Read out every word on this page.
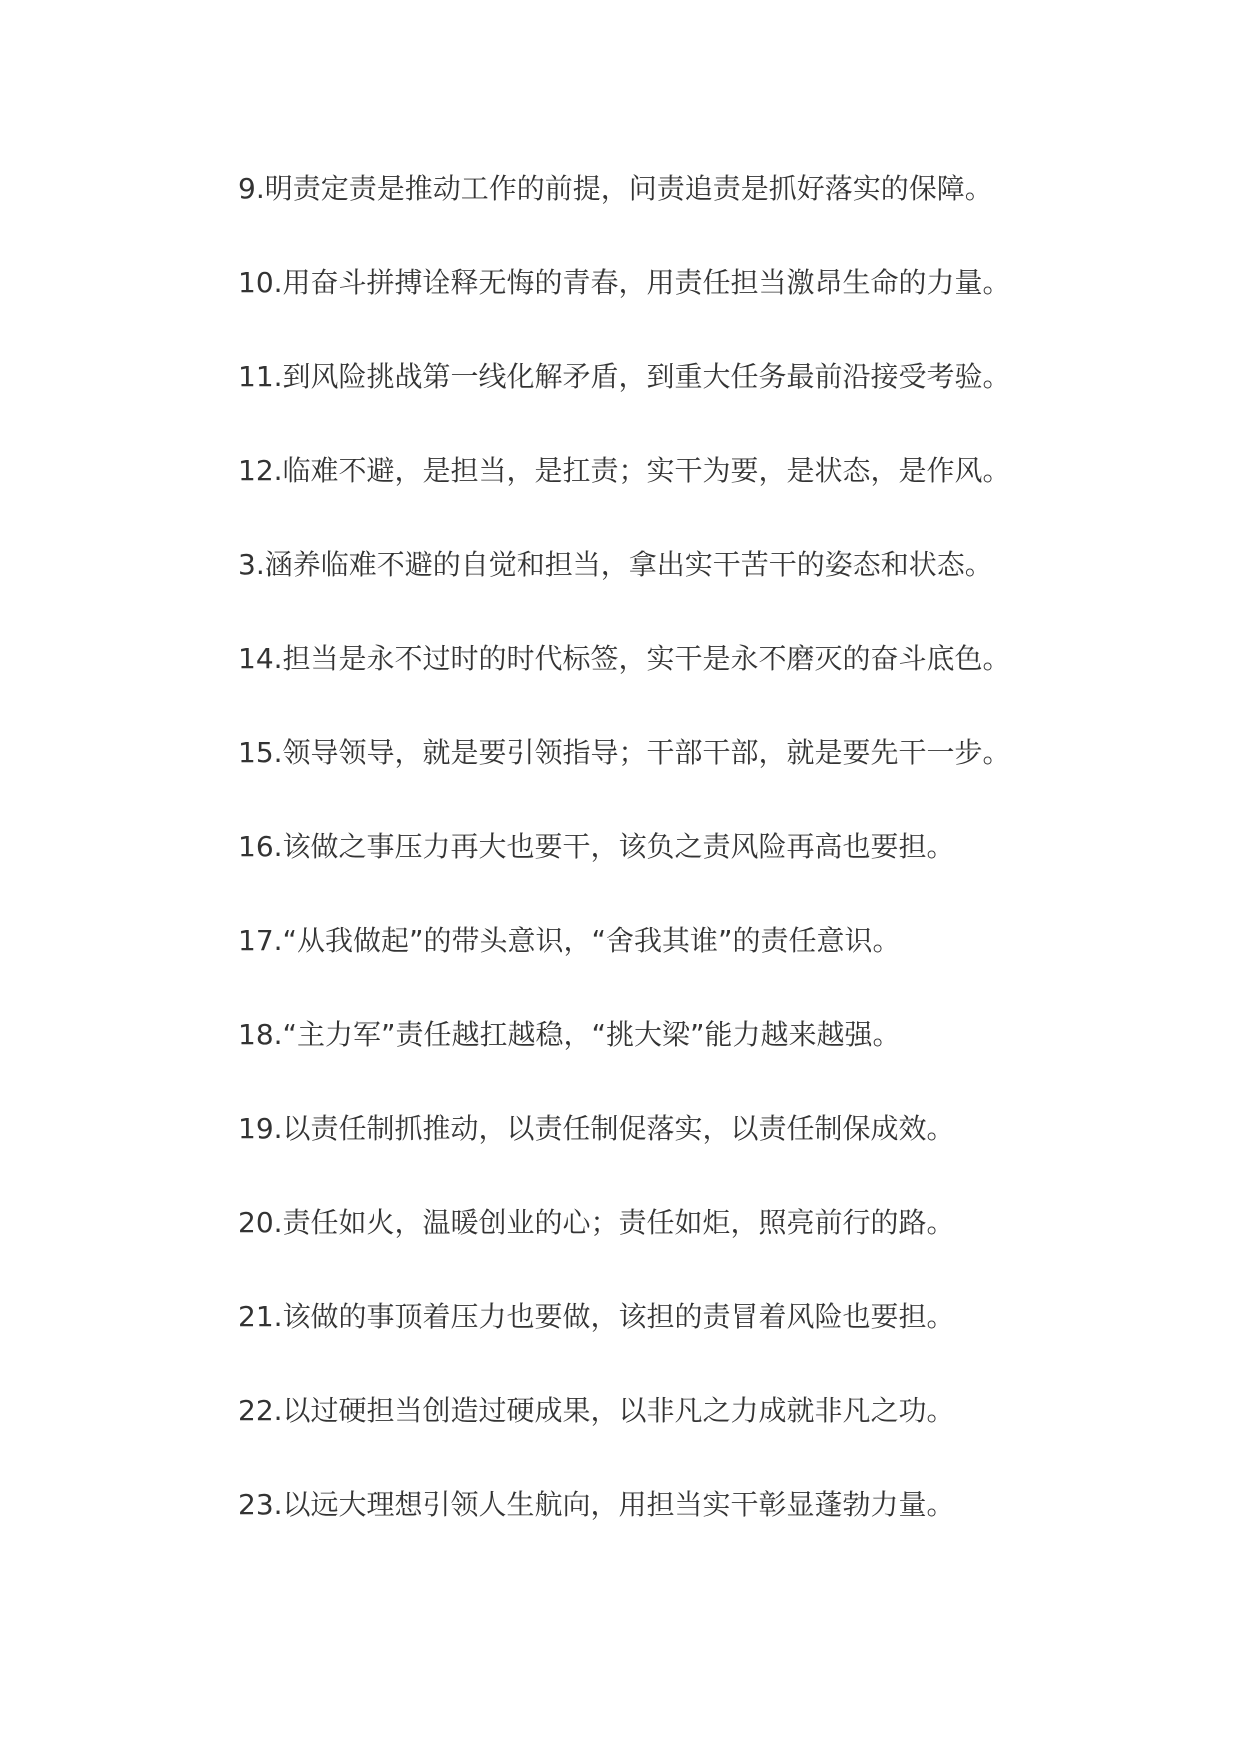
9.明责定责是推动工作的前提，问责追责是抓好落实的保障。
10.用奋斗拼搏诠释无悔的青春，用责任担当激昂生命的力量。
11.到风险挑战第一线化解矛盾，到重大任务最前沿接受考验。
12.临难不避，是担当，是扛责；实干为要，是状态，是作风。
3.涵养临难不避的自觉和担当，拿出实干苦干的姿态和状态。
14.担当是永不过时的时代标签，实干是永不磨灭的奋斗底色。
15.领导领导，就是要引领指导；干部干部，就是要先干一步。
16.该做之事压力再大也要干，该负之责风险再高也要担。
17.“从我做起”的带头意识，“舍我其谁”的责任意识。
18.“主力军”责任越扛越稳，“挑大梁”能力越来越强。
19.以责任制抓推动，以责任制促落实，以责任制保成效。
20.责任如火，温暖创业的心；责任如炬，照亮前行的路。
21.该做的事顶着压力也要做，该担的责冒着风险也要担。
22.以过硬担当创造过硬成果，以非凡之力成就非凡之功。
23.以远大理想引领人生航向，用担当实干彰显蓬勃力量。
